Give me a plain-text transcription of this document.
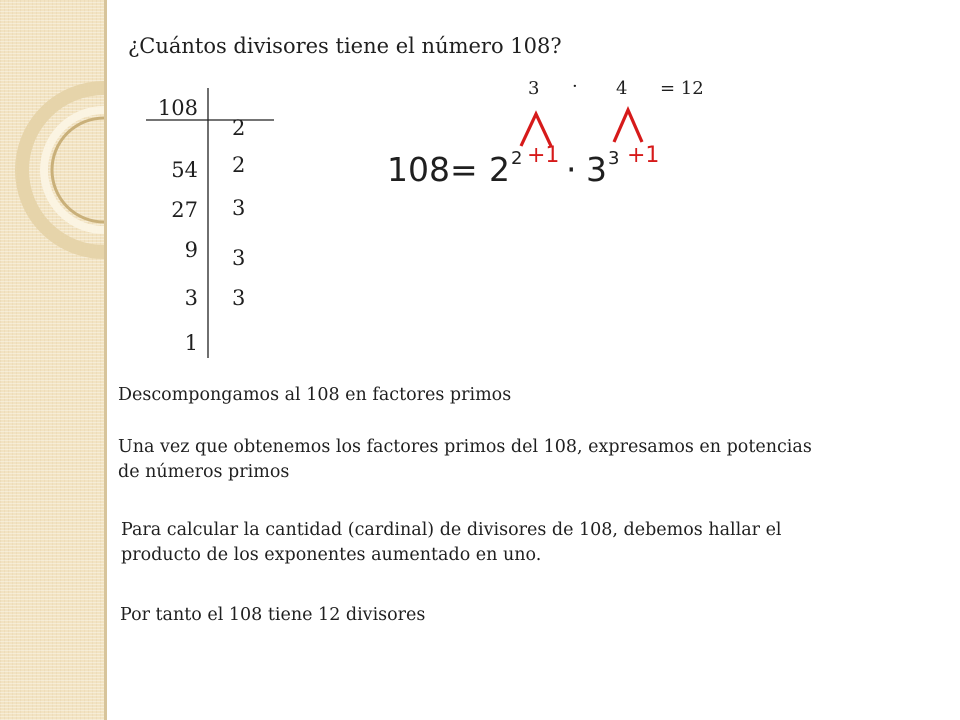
¿Cuántos divisores tiene el número 108?
108
54
27
9
3
1
2
2
3
3
3
3 · 4 = 12
108= 2 2 +1 · 3 3 +1
Descompongamos al 108 en factores primos
Una vez que obtenemos los factores primos del 108, expresamos en potencias
de números primos
Para calcular la cantidad (cardinal) de divisores de 108, debemos hallar el
producto de los exponentes aumentado en uno.
Por tanto el 108 tiene 12 divisores
